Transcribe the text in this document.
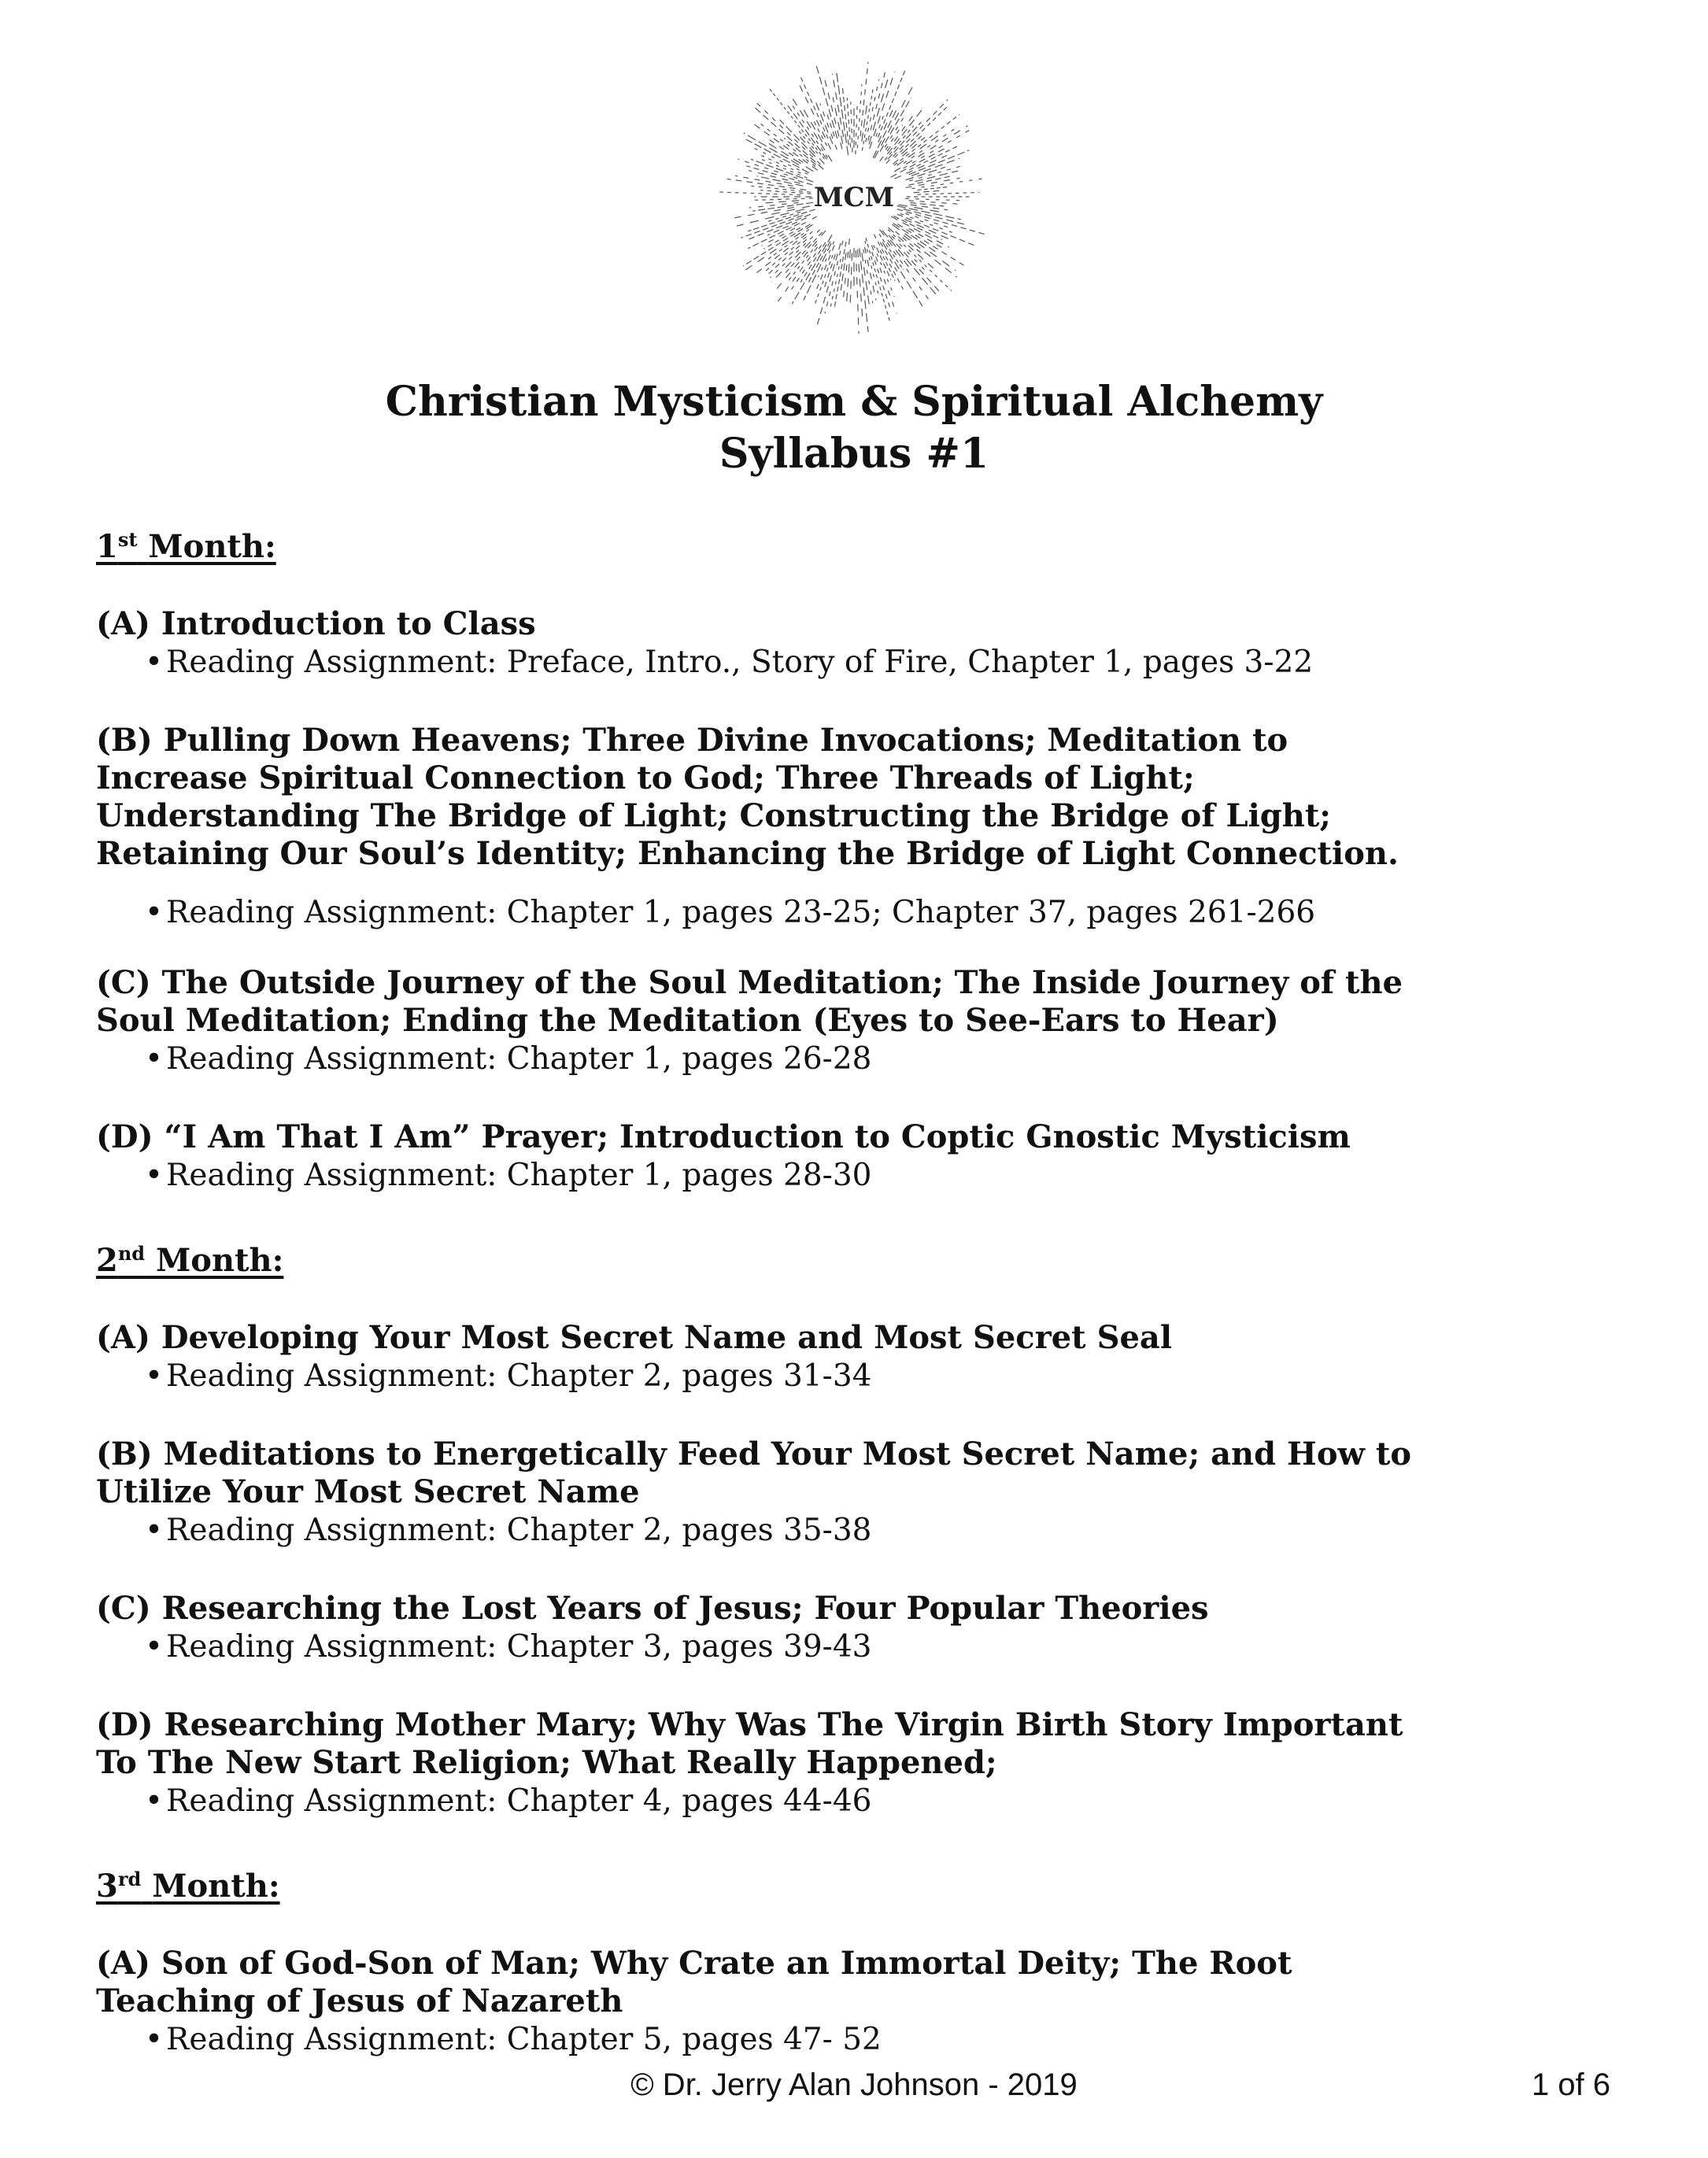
MCM
Christian Mysticism & Spiritual Alchemy
Syllabus #1

1st Month:

(A) Introduction to Class

• Reading Assignment: Preface, Intro., Story of Fire, Chapter 1, pages 3-22

(B) Pulling Down Heavens; Three Divine Invocations; Meditation to Increase Spiritual Connection to God; Three Threads of Light; Understanding The Bridge of Light; Constructing the Bridge of Light; Retaining Our Soul’s Identity; Enhancing the Bridge of Light Connection.

• Reading Assignment: Chapter 1, pages 23-25; Chapter 37, pages 261-266

(C) The Outside Journey of the Soul Meditation; The Inside Journey of the Soul Meditation; Ending the Meditation (Eyes to See-Ears to Hear)

• Reading Assignment: Chapter 1, pages 26-28

(D) “I Am That I Am” Prayer; Introduction to Coptic Gnostic Mysticism

• Reading Assignment: Chapter 1, pages 28-30

2nd Month:

(A) Developing Your Most Secret Name and Most Secret Seal

• Reading Assignment: Chapter 2, pages 31-34

(B) Meditations to Energetically Feed Your Most Secret Name; and How to Utilize Your Most Secret Name

• Reading Assignment: Chapter 2, pages 35-38

(C) Researching the Lost Years of Jesus; Four Popular Theories

• Reading Assignment: Chapter 3, pages 39-43

(D) Researching Mother Mary; Why Was The Virgin Birth Story Important To The New Start Religion; What Really Happened;

• Reading Assignment: Chapter 4, pages 44-46

3rd Month:

(A) Son of God-Son of Man; Why Crate an Immortal Deity; The Root Teaching of Jesus of Nazareth

• Reading Assignment: Chapter 5, pages 47- 52

© Dr. Jerry Alan Johnson - 2019	1 of 6
